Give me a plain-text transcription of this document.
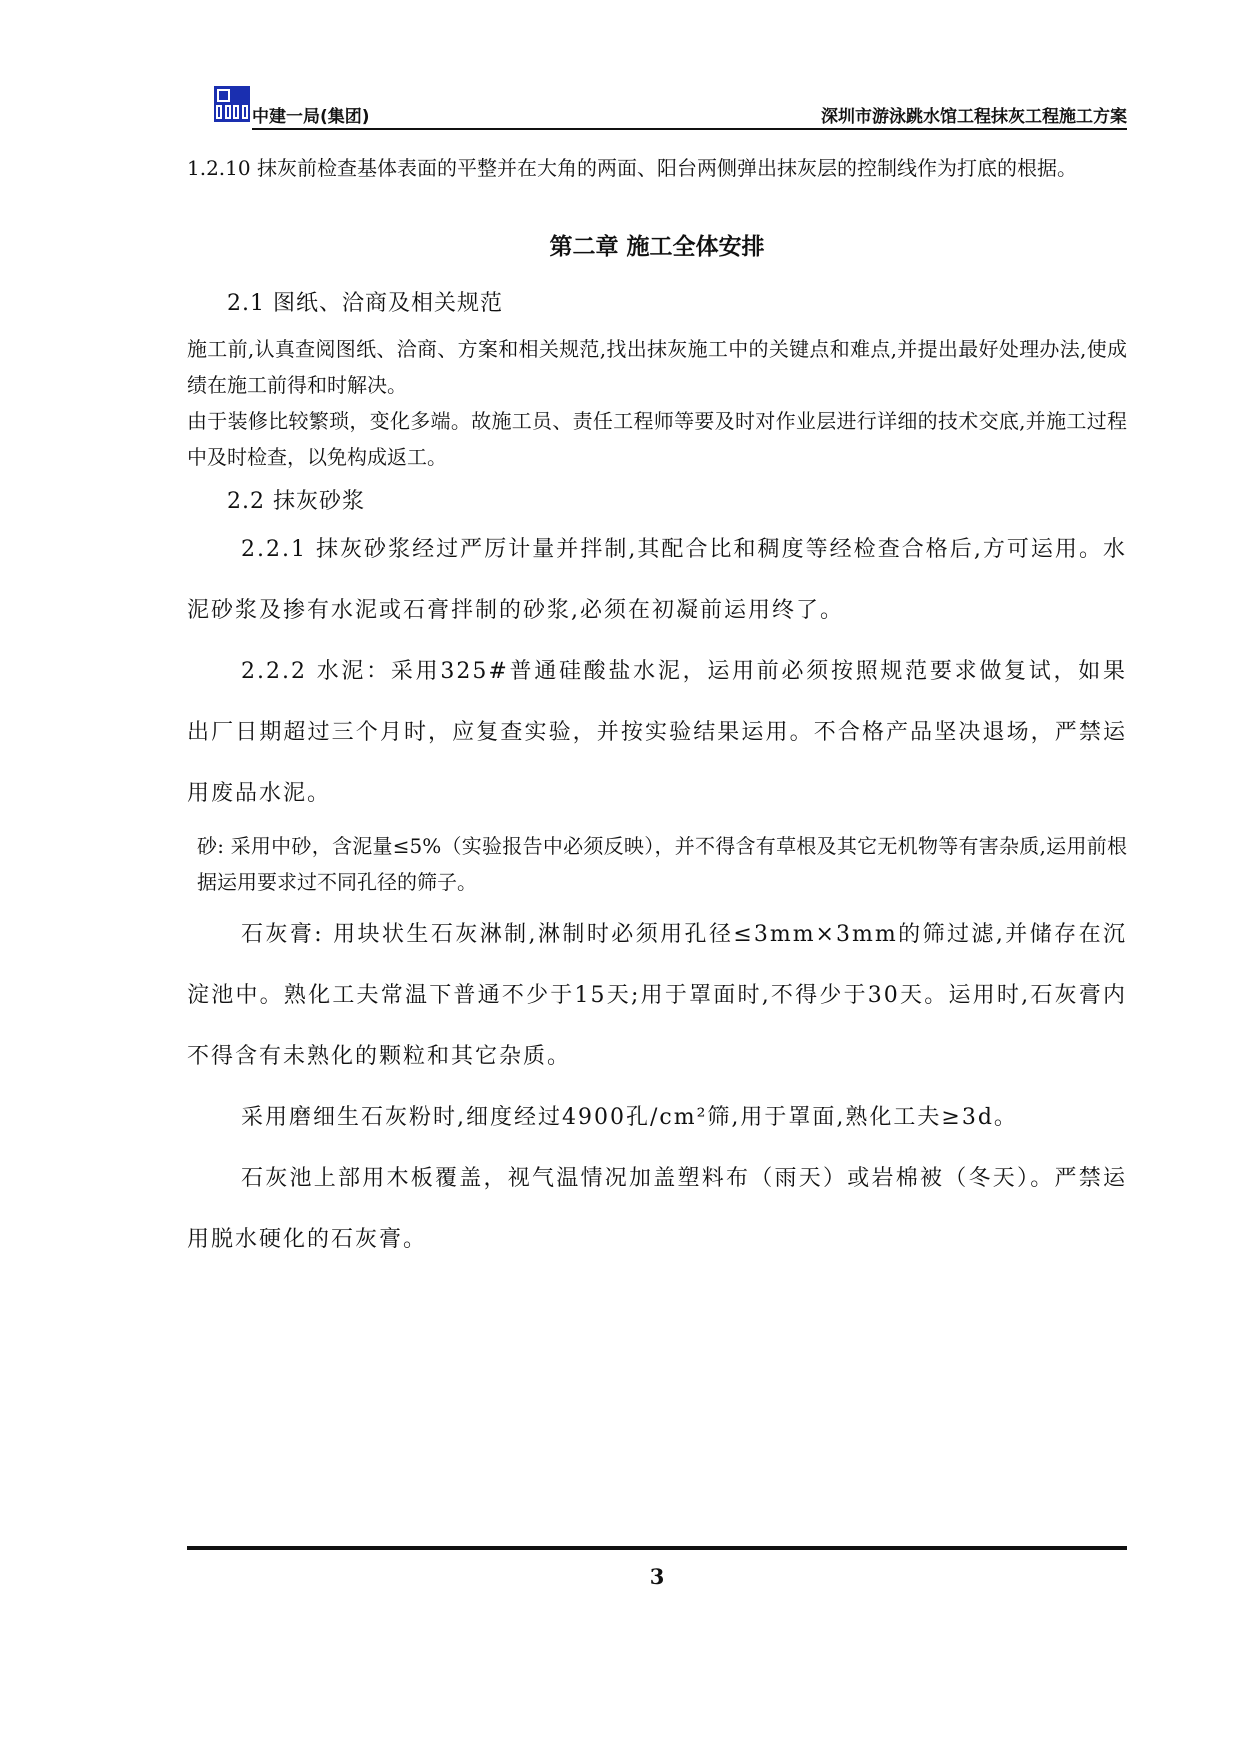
中建一局(集团)	深圳市游泳跳水馆工程抹灰工程施工方案

1.2.10 抹灰前检查基体表面的平整并在大角的两面、阳台两侧弹出抹灰层的控制线作为打底的根据。

第二章 施工全体安排

2.1 图纸、洽商及相关规范

施工前,认真查阅图纸、洽商、方案和相关规范,找出抹灰施工中的关键点和难点,并提出最好处理办法,使成绩在施工前得和时解决。

由于装修比较繁琐，变化多端。故施工员、责任工程师等要及时对作业层进行详细的技术交底,并施工过程中及时检查，以免构成返工。

2.2 抹灰砂浆

2.2.1 抹灰砂浆经过严厉计量并拌制,其配合比和稠度等经检查合格后,方可运用。水泥砂浆及掺有水泥或石膏拌制的砂浆,必须在初凝前运用终了。

2.2.2 水泥：采用325#普通硅酸盐水泥，运用前必须按照规范要求做复试，如果出厂日期超过三个月时，应复查实验，并按实验结果运用。不合格产品坚决退场，严禁运用废品水泥。

砂: 采用中砂，含泥量≤5%（实验报告中必须反映），并不得含有草根及其它无机物等有害杂质,运用前根据运用要求过不同孔径的筛子。

石灰膏: 用块状生石灰淋制,淋制时必须用孔径≤3mm×3mm的筛过滤,并储存在沉淀池中。熟化工夫常温下普通不少于15天;用于罩面时,不得少于30天。运用时,石灰膏内不得含有未熟化的颗粒和其它杂质。

采用磨细生石灰粉时,细度经过4900孔/cm²筛,用于罩面,熟化工夫≥3d。

石灰池上部用木板覆盖，视气温情况加盖塑料布（雨天）或岩棉被（冬天）。严禁运用脱水硬化的石灰膏。

3
